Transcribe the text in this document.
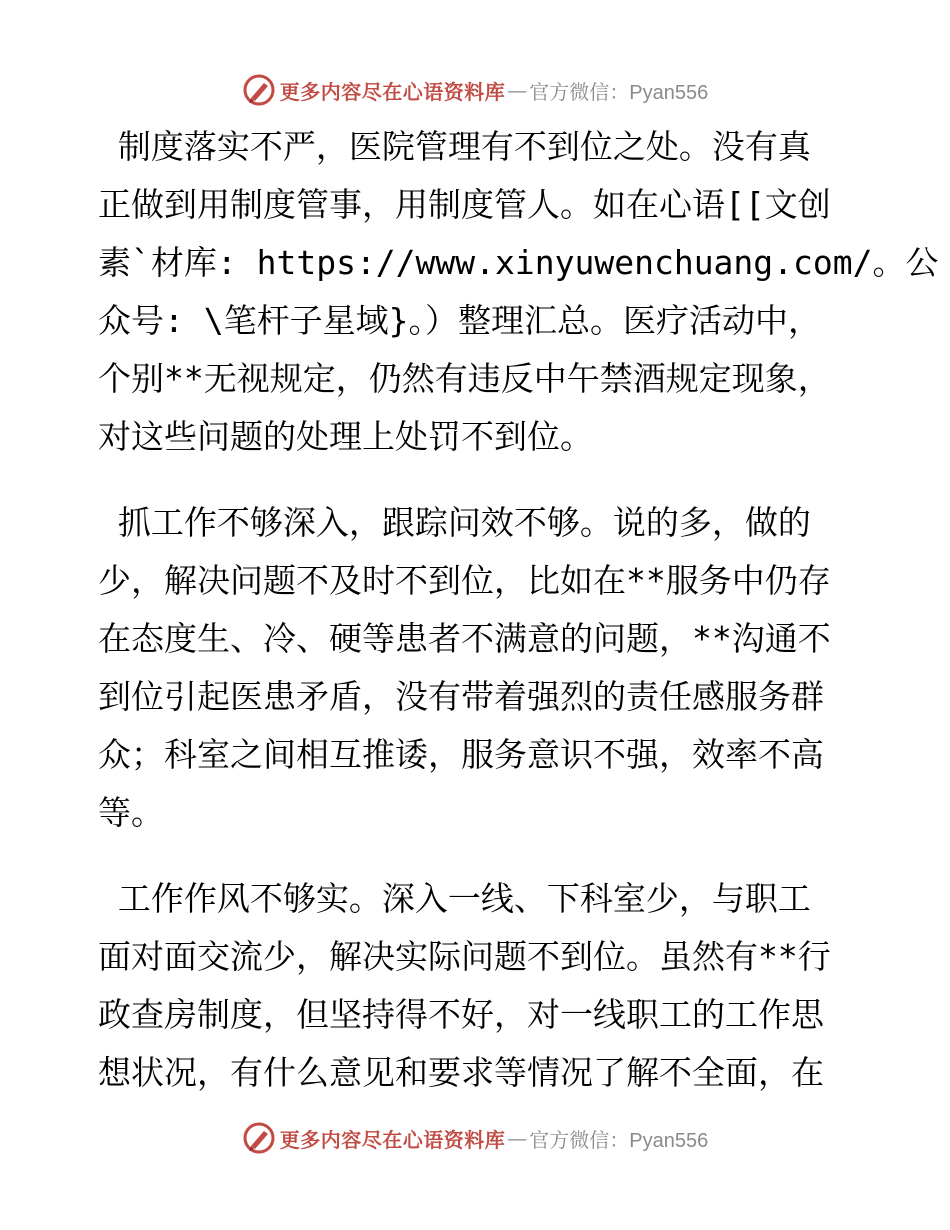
更多内容尽在心语资料库 — 官方微信：Pyan556
制度落实不严，医院管理有不到位之处。没有真
正做到用制度管事，用制度管人。如在心语[[文创
素`材库: https://www.xinyuwenchuang.com/。公
众号: \笔杆子星域}。）整理汇总。医疗活动中，
个别**无视规定，仍然有违反中午禁酒规定现象，
对这些问题的处理上处罚不到位。
抓工作不够深入，跟踪问效不够。说的多，做的
少，解决问题不及时不到位，比如在**服务中仍存
在态度生、冷、硬等患者不满意的问题，**沟通不
到位引起医患矛盾，没有带着强烈的责任感服务群
众；科室之间相互推诿，服务意识不强，效率不高
等。
工作作风不够实。深入一线、下科室少，与职工
面对面交流少，解决实际问题不到位。虽然有**行
政查房制度，但坚持得不好，对一线职工的工作思
想状况，有什么意见和要求等情况了解不全面，在
更多内容尽在心语资料库 — 官方微信：Pyan556
